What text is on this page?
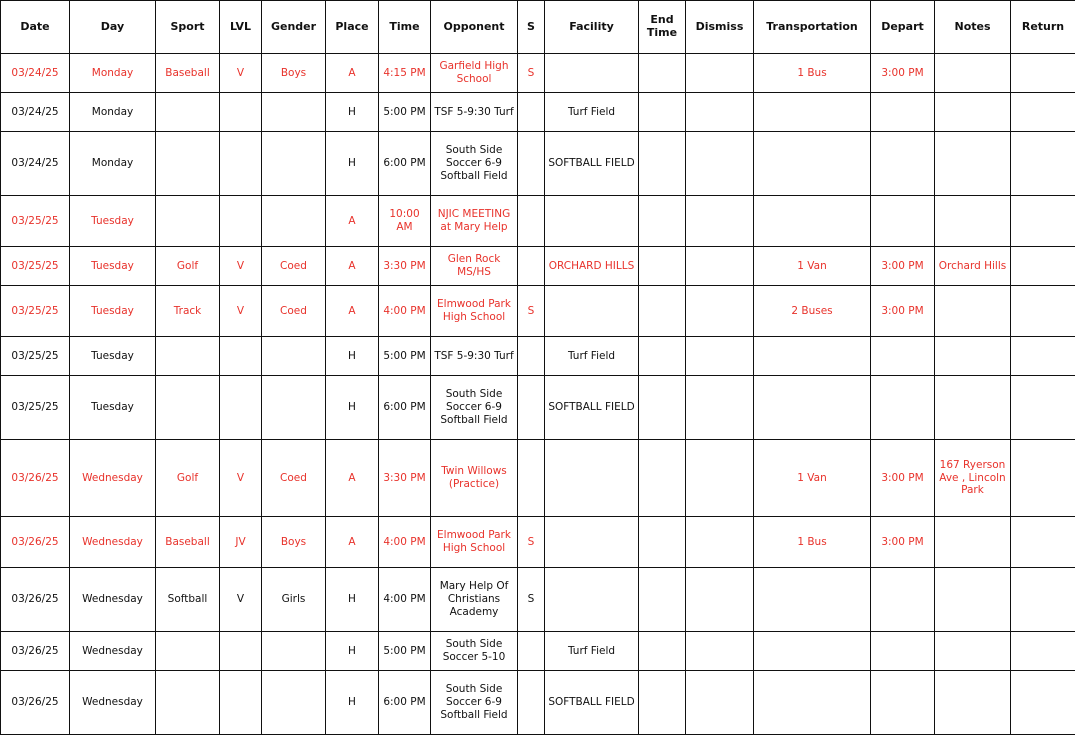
Date	Day	Sport	LVL	Gender	Place	Time	Opponent	S	Facility	End Time	Dismiss	Transportation	Depart	Notes	Return
03/24/25	Monday	Baseball	V	Boys	A	4:15 PM	Garfield High School	S				1 Bus	3:00 PM		
03/24/25	Monday				H	5:00 PM	TSF 5-9:30 Turf		Turf Field						
03/24/25	Monday				H	6:00 PM	South Side Soccer 6-9 Softball Field		SOFTBALL FIELD						
03/25/25	Tuesday				A	10:00 AM	NJIC MEETING at Mary Help								
03/25/25	Tuesday	Golf	V	Coed	A	3:30 PM	Glen Rock MS/HS		ORCHARD HILLS			1 Van	3:00 PM	Orchard Hills	
03/25/25	Tuesday	Track	V	Coed	A	4:00 PM	Elmwood Park High School	S				2 Buses	3:00 PM		
03/25/25	Tuesday				H	5:00 PM	TSF 5-9:30 Turf		Turf Field						
03/25/25	Tuesday				H	6:00 PM	South Side Soccer 6-9 Softball Field		SOFTBALL FIELD						
03/26/25	Wednesday	Golf	V	Coed	A	3:30 PM	Twin Willows (Practice)					1 Van	3:00 PM	167 Ryerson Ave , Lincoln Park	
03/26/25	Wednesday	Baseball	JV	Boys	A	4:00 PM	Elmwood Park High School	S				1 Bus	3:00 PM		
03/26/25	Wednesday	Softball	V	Girls	H	4:00 PM	Mary Help Of Christians Academy	S							
03/26/25	Wednesday				H	5:00 PM	South Side Soccer 5-10		Turf Field						
03/26/25	Wednesday				H	6:00 PM	South Side Soccer 6-9 Softball Field		SOFTBALL FIELD						
